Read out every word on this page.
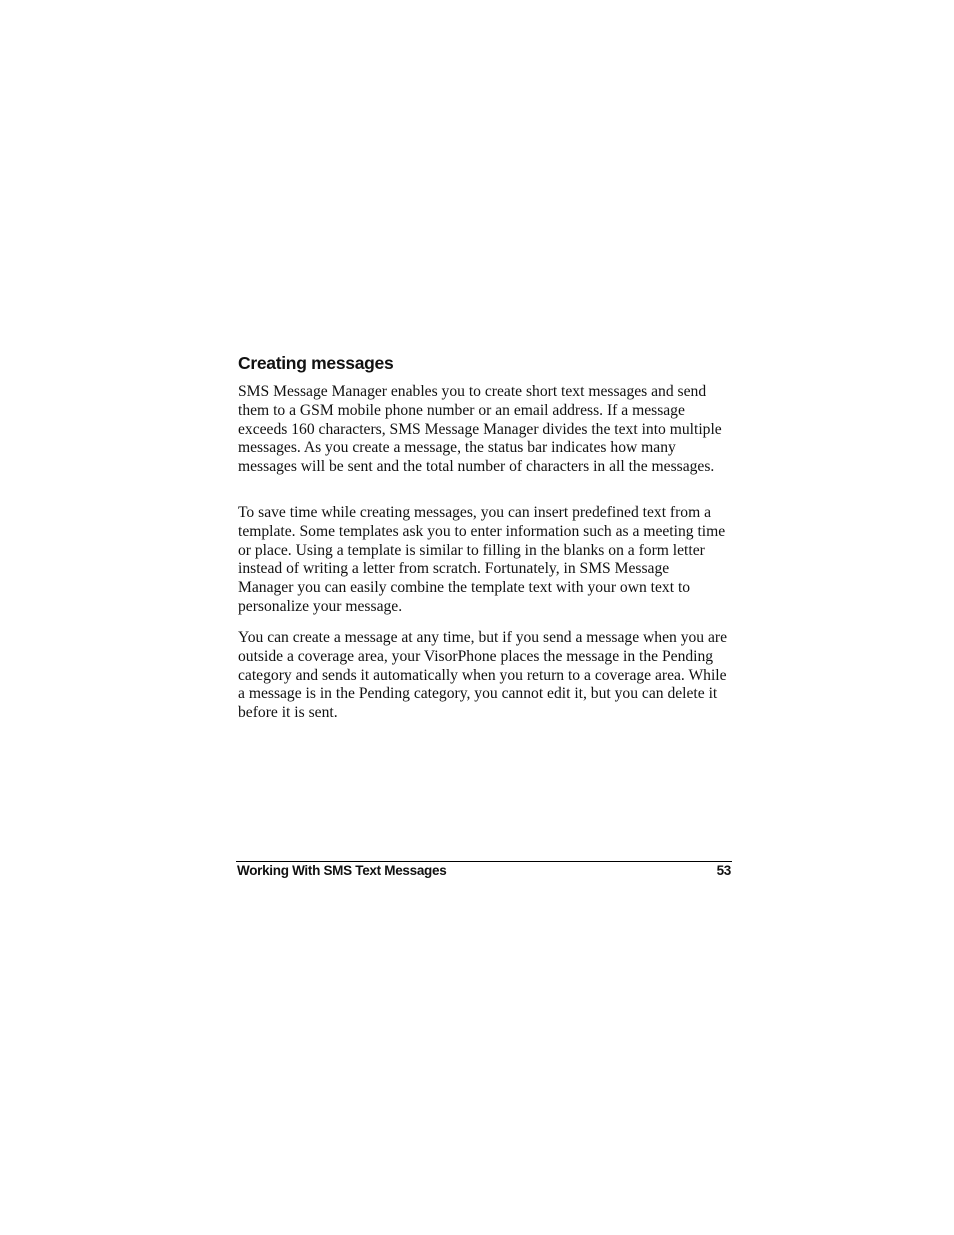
Creating messages

SMS Message Manager enables you to create short text messages and send them to a GSM mobile phone number or an email address. If a message exceeds 160 characters, SMS Message Manager divides the text into multiple messages. As you create a message, the status bar indicates how many messages will be sent and the total number of characters in all the messages.

To save time while creating messages, you can insert predefined text from a template. Some templates ask you to enter information such as a meeting time or place. Using a template is similar to filling in the blanks on a form letter instead of writing a letter from scratch. Fortunately, in SMS Message Manager you can easily combine the template text with your own text to personalize your message.

You can create a message at any time, but if you send a message when you are outside a coverage area, your VisorPhone places the message in the Pending category and sends it automatically when you return to a coverage area. While a message is in the Pending category, you cannot edit it, but you can delete it before it is sent.

Working With SMS Text Messages	53
